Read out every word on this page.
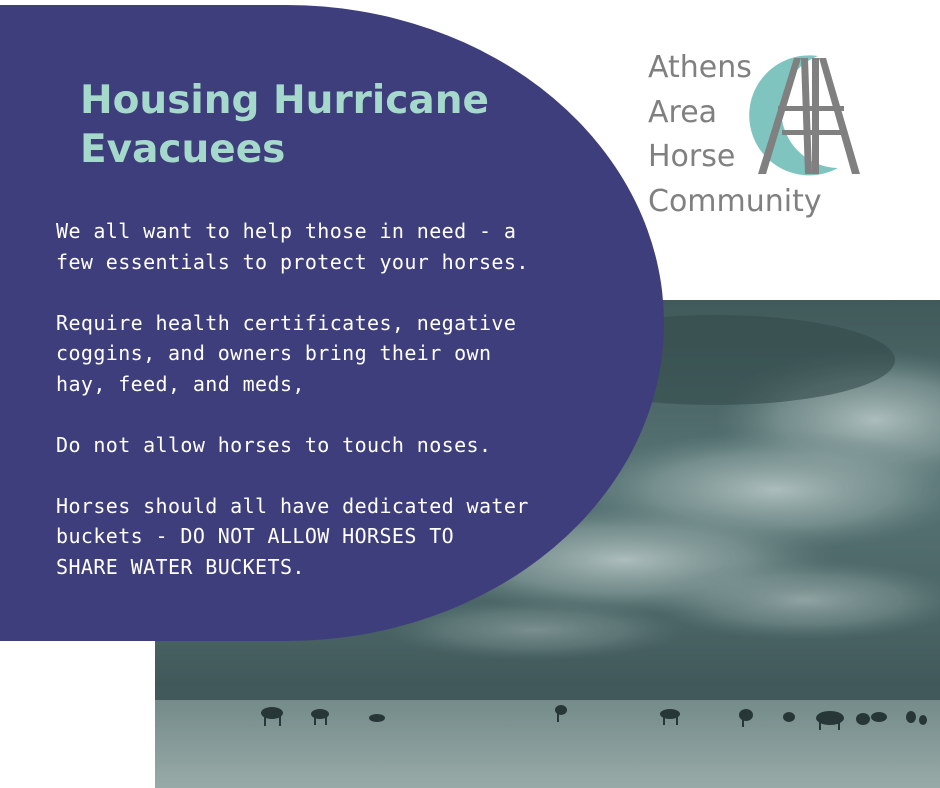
Housing Hurricane
Evacuees

We all want to help those in need - a
few essentials to protect your horses.

Require health certificates, negative
coggins, and owners bring their own
hay, feed, and meds,

Do not allow horses to touch noses.

Horses should all have dedicated water
buckets - DO NOT ALLOW HORSES TO
SHARE WATER BUCKETS.

Athens
Area
Horse
Community
